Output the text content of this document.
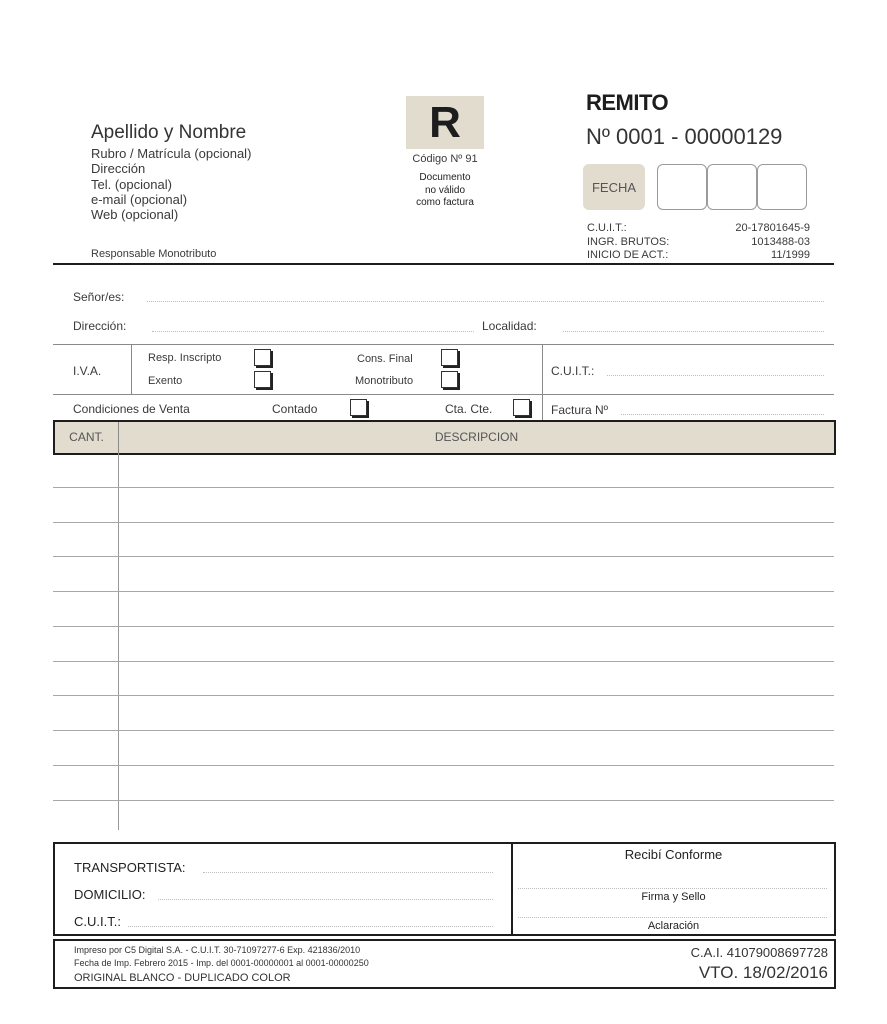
Apellido y Nombre
Rubro / Matrícula (opcional)
Dirección
Tel. (opcional)
e-mail (opcional)
Web (opcional)
Responsable Monotributo
R
Código Nº 91
Documento
no válido
como factura
REMITO
Nº 0001 - 00000129
FECHA
C.U.I.T.:	20-17801645-9
INGR. BRUTOS:	1013488-03
INICIO DE ACT.:	11/1999
Señor/es:
Dirección:	Localidad:
I.V.A.
Resp. Inscripto
Exento
Cons. Final
Monotributo
C.U.I.T.:
Condiciones de Venta	Contado	Cta. Cte.	Factura Nº
CANT.	DESCRIPCION
TRANSPORTISTA:
DOMICILIO:
C.U.I.T.:
Recibí Conforme
Firma y Sello
Aclaración
Impreso por C5 Digital S.A. - C.U.I.T. 30-71097277-6 Exp. 421836/2010
Fecha de Imp. Febrero 2015 - Imp. del 0001-00000001 al 0001-00000250
ORIGINAL BLANCO - DUPLICADO COLOR
C.A.I. 41079008697728
VTO. 18/02/2016
